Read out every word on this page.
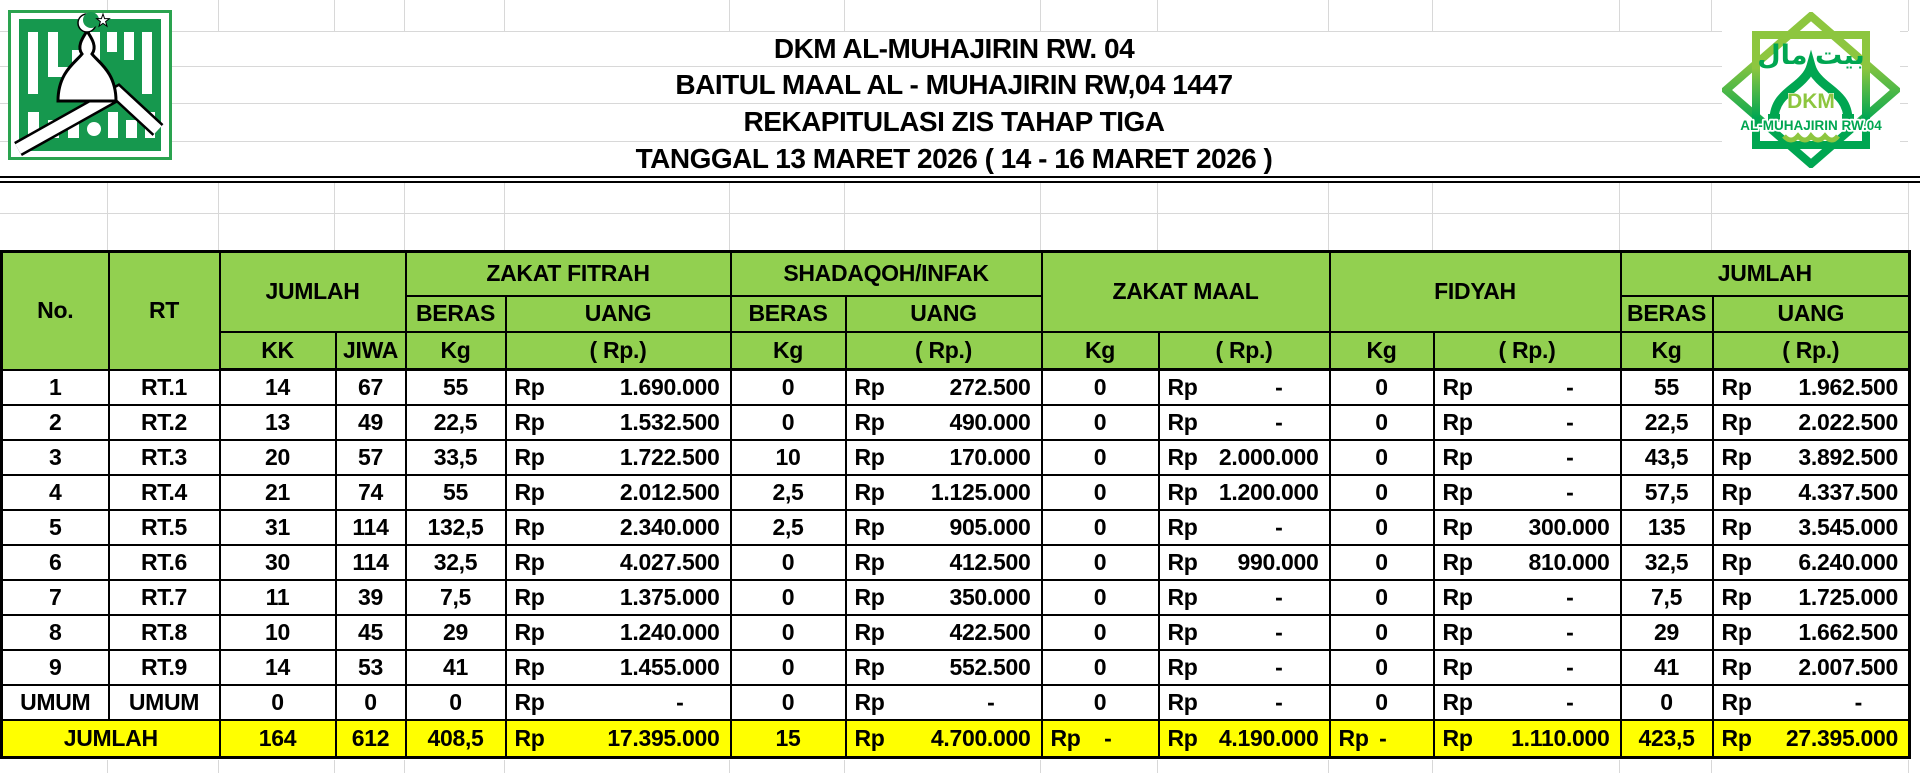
DKM AL-MUHAJIRIN RW. 04
BAITUL MAAL AL - MUHAJIRIN RW,04 1447
REKAPITULASI ZIS TAHAP TIGA
TANGGAL 13 MARET 2026 ( 14 - 16 MARET 2026 )
بيت مال
DKM
AL-MUHAJIRIN RW.04
No.	RT	JUMLAH		ZAKAT FITRAH		SHADAQOH/INFAK		ZAKAT MAAL		FIDYAH		JUMLAH	
				BERAS	UANG	BERAS	UANG					BERAS	UANG
		KK	JIWA	Kg	( Rp.)	Kg	( Rp.)	Kg	( Rp.)	Kg	( Rp.)	Kg	( Rp.)
1	RT.1	14	67	55	Rp 1.690.000	0	Rp 272.500	0	Rp -	0	Rp -	55	Rp 1.962.500

2	RT.2	13	49	22,5	Rp 1.532.500	0	Rp 490.000	0	Rp -	0	Rp -	22,5	Rp 2.022.500

3	RT.3	20	57	33,5	Rp 1.722.500	10	Rp 170.000	0	Rp 2.000.000	0	Rp -	43,5	Rp 3.892.500

4	RT.4	21	74	55	Rp 2.012.500	2,5	Rp 1.125.000	0	Rp 1.200.000	0	Rp -	57,5	Rp 4.337.500

5	RT.5	31	114	132,5	Rp 2.340.000	2,5	Rp 905.000	0	Rp -	0	Rp 300.000	135	Rp 3.545.000

6	RT.6	30	114	32,5	Rp 4.027.500	0	Rp 412.500	0	Rp 990.000	0	Rp 810.000	32,5	Rp 6.240.000

7	RT.7	11	39	7,5	Rp 1.375.000	0	Rp 350.000	0	Rp -	0	Rp -	7,5	Rp 1.725.000

8	RT.8	10	45	29	Rp 1.240.000	0	Rp 422.500	0	Rp -	0	Rp -	29	Rp 1.662.500

9	RT.9	14	53	41	Rp 1.455.000	0	Rp 552.500	0	Rp -	0	Rp -	41	Rp 2.007.500

UMUM	UMUM	0	0	0	Rp -	0	Rp -	0	Rp -	0	Rp -	0	Rp -

JUMLAH		164	612	408,5	Rp 17.395.000	15	Rp 4.700.000	Rp -	Rp 4.190.000	Rp -	Rp 1.110.000	423,5	Rp 27.395.000
